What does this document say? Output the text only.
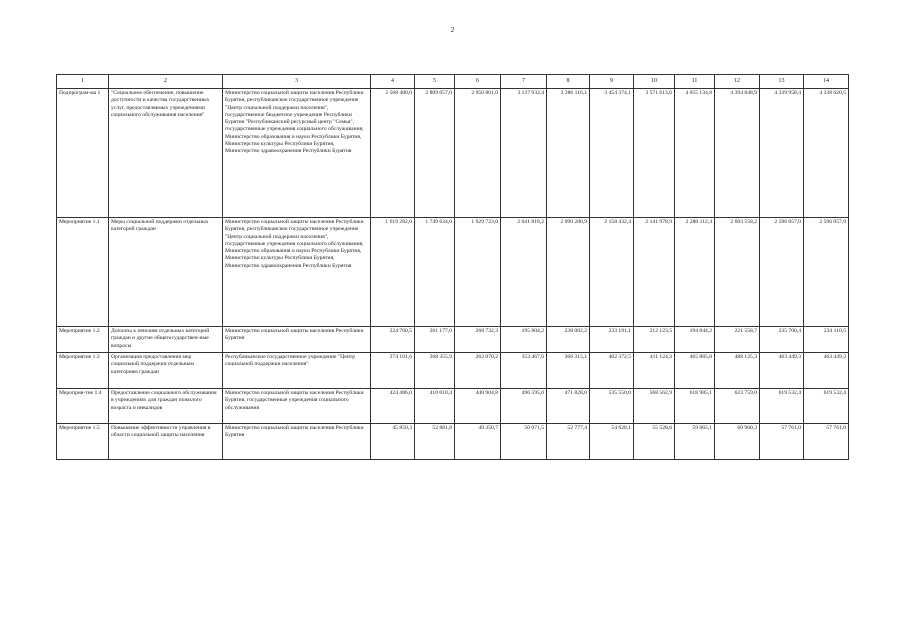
2
1	2	3	4	5	6	7	8	9	10	11	12	13	14
Подпрограм-ма 1	"Социальное обеспечение, повышение доступности и качества государственных услуг, предоставляемых учреждениями социального обслуживания населения"	Министерство социальной защиты населения Республики Бурятия, республиканское государственное учреждение "Центр социальной поддержки населения", государственное бюджетное учреждение Республики Бурятия "Республиканский ресурсный центр "Семья", государственные учреждения социального обслуживания, Министерство образования и науки Республики Бурятия, Министерство культуры Республики Бурятия, Министерство здравоохранения Республики Бурятия	2 568 480,0	2 809 057,0	2 950 801,0	3 137 932,4	3 286 116,1	3 454 374,1	3 571 613,6	4 055 134,8	4 394 848,9	4 339 958,4	4 338 620,5
Мероприятие 1.1	Меры социальной поддержки отдельных категорий граждан	Министерство социальной защиты населения Республики Бурятия, республиканское государственное учреждение "Центр социальной поддержки населения", государственные учреждения социального обслуживания, Министерство образования и науки Республики Бурятия, Министерство культуры Республики Бурятия, Министерство здравоохранения Республики Бурятия	1 619 282,0	1 749 634,0	1 929 723,0	2 041 818,2	2 090 280,9	2 158 432,4	2 141 978,9	2 280 112,4	2 603 558,2	2 596 057,0	2 596 057,0
Мероприятие 1.2	Доплаты к пенсиям отдельных категорий граждан и другие общегосударствен-ные вопросы	Министерство социальной защиты населения Республики Бурятия	224 760,5	261 177,0	268 732,3	195 804,2	238 082,2	233 191,1	212 123,5	194 844,2	221 558,7	235 700,4	234 110,5
Мероприятие 1.3	Организация предоставления мер социальной поддержки отдельным категориям граждан	Республиканское государственное учреждение "Центр социальной поддержки населения"	274 101,6	268 355,9	262 070,2	353 467,6	366 315,1	402 372,5	411 124,3	465 885,8	488 125,3	463 449,3	463 449,3
Мероприя-тие 1.4	Предоставление социального обслуживания в учреждениях для граждан пожилого возраста и инвалидов	Министерство социальной защиты населения Республики Бурятия, государственные учреждения социального обслуживания	424 486,0	410 010,4	440 904,8	496 595,0	471 828,0	535 550,0	568 562,9	618 985,1	623 759,0	619 532,4	619 532,4
Мероприятие 1.5	Повышение эффективности управления в области социальной защиты населения	Министерство социальной защиты населения Республики Бурятия	45 850,3	52 881,8	49 350,7	50 071,5	52 777,4	54 628,1	55 528,6	59 865,1	60 960,3	57 761,0	57 761,0
